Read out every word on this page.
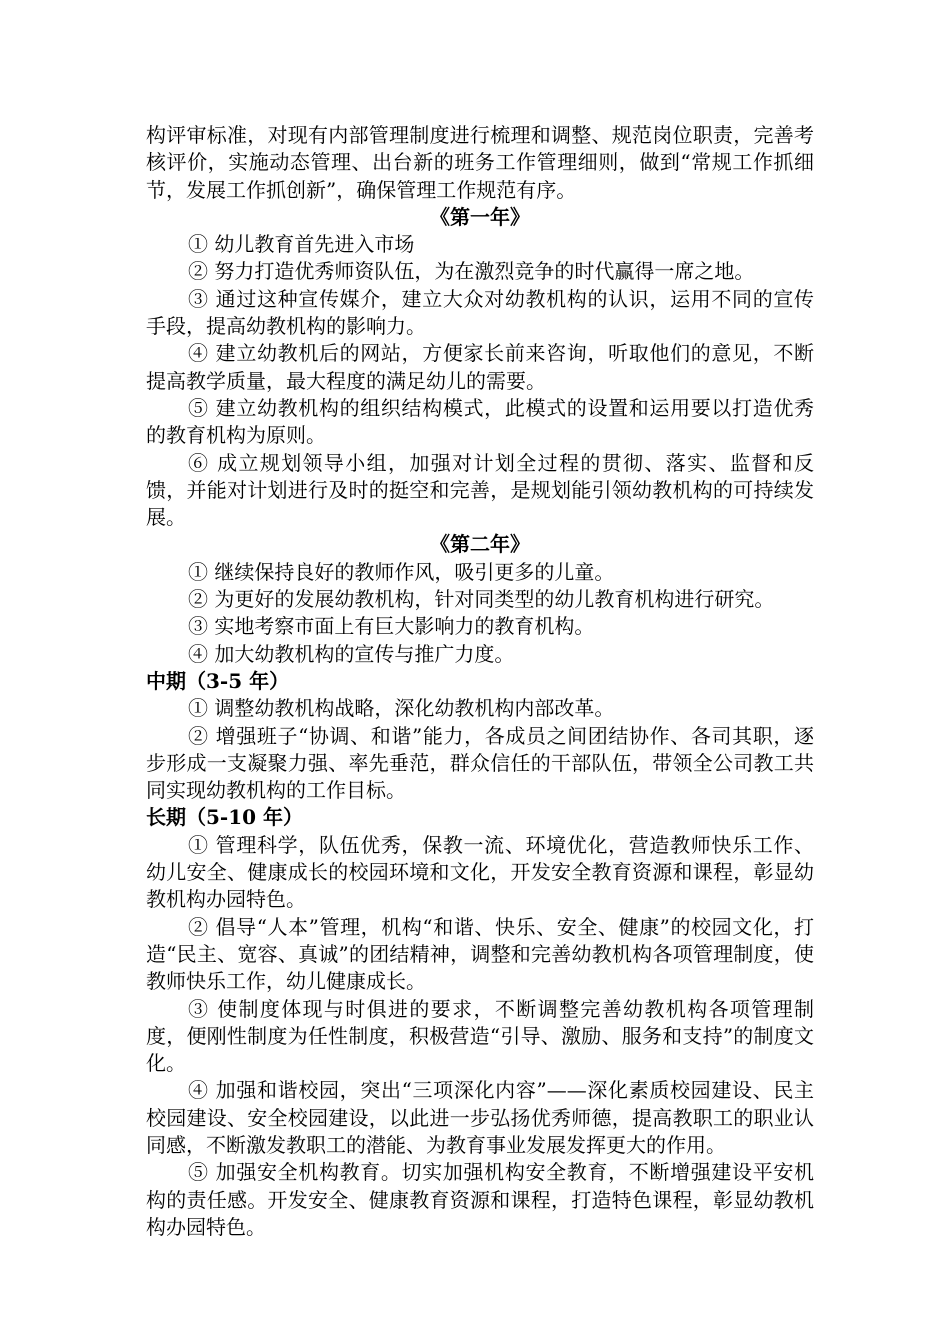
构评审标准，对现有内部管理制度进行梳理和调整、规范岗位职责，完善考核评价，实施动态管理、出台新的班务工作管理细则，做到“常规工作抓细节，发展工作抓创新”，确保管理工作规范有序。

《第一年》

① 幼儿教育首先进入市场

② 努力打造优秀师资队伍，为在激烈竞争的时代赢得一席之地。

③ 通过这种宣传媒介，建立大众对幼教机构的认识，运用不同的宣传手段，提高幼教机构的影响力。

④ 建立幼教机后的网站，方便家长前来咨询，听取他们的意见，不断提高教学质量，最大程度的满足幼儿的需要。

⑤ 建立幼教机构的组织结构模式，此模式的设置和运用要以打造优秀的教育机构为原则。

⑥ 成立规划领导小组，加强对计划全过程的贯彻、落实、监督和反馈，并能对计划进行及时的挺空和完善，是规划能引领幼教机构的可持续发展。

《第二年》

① 继续保持良好的教师作风，吸引更多的儿童。

② 为更好的发展幼教机构，针对同类型的幼儿教育机构进行研究。

③ 实地考察市面上有巨大影响力的教育机构。

④ 加大幼教机构的宣传与推广力度。

中期（3-5 年）

① 调整幼教机构战略，深化幼教机构内部改革。

② 增强班子“协调、和谐”能力，各成员之间团结协作、各司其职，逐步形成一支凝聚力强、率先垂范，群众信任的干部队伍，带领全公司教工共同实现幼教机构的工作目标。

长期（5-10 年）

① 管理科学，队伍优秀，保教一流、环境优化，营造教师快乐工作、幼儿安全、健康成长的校园环境和文化，开发安全教育资源和课程，彰显幼教机构办园特色。

② 倡导“人本”管理，机构“和谐、快乐、安全、健康”的校园文化，打造“民主、宽容、真诚”的团结精神，调整和完善幼教机构各项管理制度，使教师快乐工作，幼儿健康成长。

③ 使制度体现与时俱进的要求，不断调整完善幼教机构各项管理制度，便刚性制度为任性制度，积极营造“引导、激励、服务和支持”的制度文化。

④ 加强和谐校园，突出“三项深化内容”——深化素质校园建设、民主校园建设、安全校园建设，以此进一步弘扬优秀师德，提高教职工的职业认同感，不断激发教职工的潜能、为教育事业发展发挥更大的作用。

⑤ 加强安全机构教育。切实加强机构安全教育，不断增强建设平安机构的责任感。开发安全、健康教育资源和课程，打造特色课程，彰显幼教机构办园特色。
